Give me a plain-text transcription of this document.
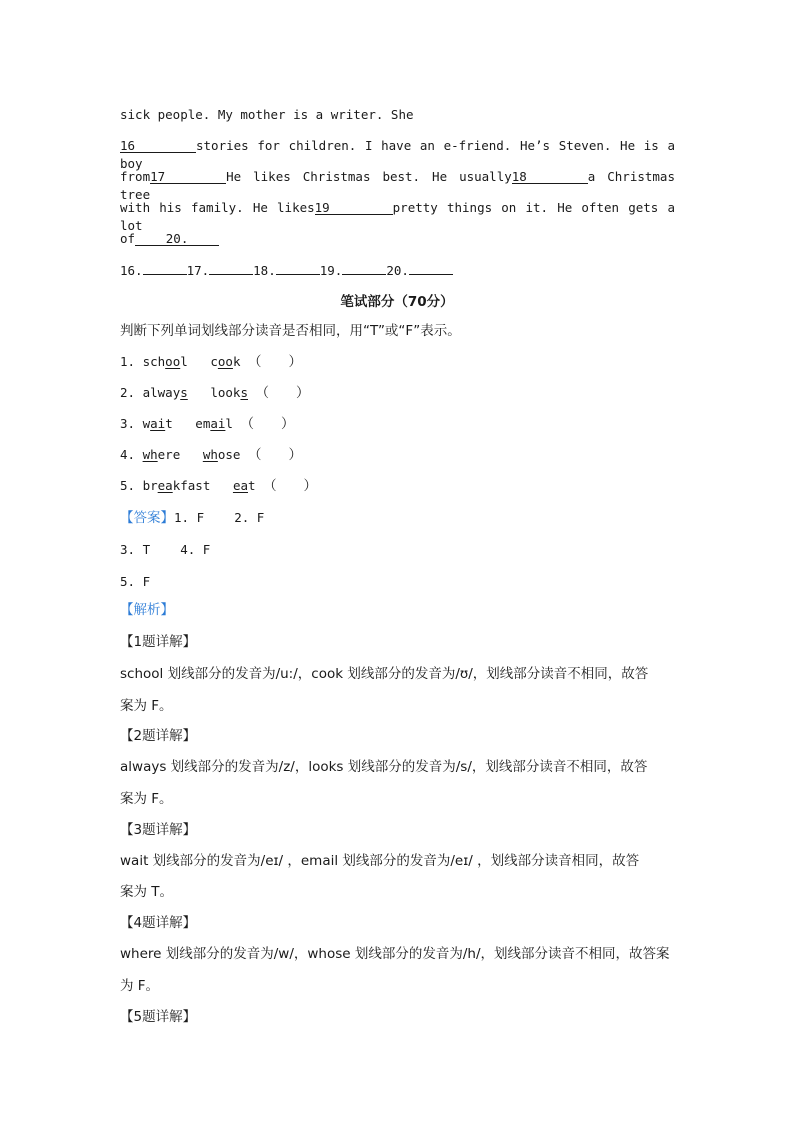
sick people. My mother is a writer. She
16	stories for children. I have an e-friend. He’s Steven. He is a boy
from17	He likes Christmas best. He usually18	a Christmas tree
with his family. He likes19	pretty things on it. He often gets a lot
of 20.
16.	17.	18.	19.	20.
笔试部分（70分）
判断下列单词划线部分读音是否相同，用“T”或“F”表示。
1. school cook （　　）
2. always looks （　　）
3. wait email （　　）
4. where whose （　　）
5. breakfast eat （　　）
【答案】1. F    2. F
3. T    4. F
5. F
【解析】
【1题详解】
school 划线部分的发音为/u:/，cook 划线部分的发音为/ʊ/，划线部分读音不相同，故答
案为 F。
【2题详解】
always 划线部分的发音为/z/，looks 划线部分的发音为/s/，划线部分读音不相同，故答
案为 F。
【3题详解】
wait 划线部分的发音为/eɪ/ ，email 划线部分的发音为/eɪ/ ，划线部分读音相同，故答
案为 T。
【4题详解】
where 划线部分的发音为/w/，whose 划线部分的发音为/h/，划线部分读音不相同，故答案
为 F。
【5题详解】
